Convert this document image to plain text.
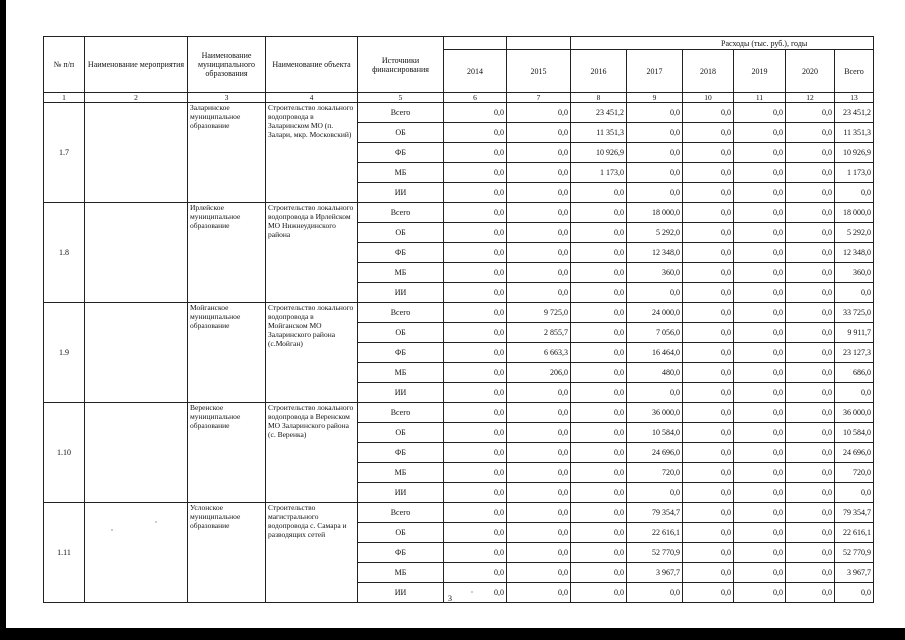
№ п/п	Наименование мероприятия	Наименование муниципального образования	Наименование объекта	Источники финансирования			Расходы (тыс. руб.), годы					
					2014	2015	2016	2017	2018	2019	2020	Всего
1	2	3	4	5	6	7	8	9	10	11	12	13
1.7		Заларинское муниципальное образование	Строительство локального водопровода в Заларинском МО (п. Залари, мкр. Московский)	Всего	0,0	0,0	23 451,2	0,0	0,0	0,0	0,0	23 451,2
				ОБ	0,0	0,0	11 351,3	0,0	0,0	0,0	0,0	11 351,3
				ФБ	0,0	0,0	10 926,9	0,0	0,0	0,0	0,0	10 926,9
				МБ	0,0	0,0	1 173,0	0,0	0,0	0,0	0,0	1 173,0
				ИИ	0,0	0,0	0,0	0,0	0,0	0,0	0,0	0,0
1.8		Ирлейское муниципальное образование	Строительство локального водопровода в Ирлейском МО Нижнеудинского района	Всего	0,0	0,0	0,0	18 000,0	0,0	0,0	0,0	18 000,0
				ОБ	0,0	0,0	0,0	5 292,0	0,0	0,0	0,0	5 292,0
				ФБ	0,0	0,0	0,0	12 348,0	0,0	0,0	0,0	12 348,0
				МБ	0,0	0,0	0,0	360,0	0,0	0,0	0,0	360,0
				ИИ	0,0	0,0	0,0	0,0	0,0	0,0	0,0	0,0
1.9		Мойганское муниципальное образование	Строительство локального водопровода в Мойганском МО Заларинского района (с.Мойган)	Всего	0,0	9 725,0	0,0	24 000,0	0,0	0,0	0,0	33 725,0
				ОБ	0,0	2 855,7	0,0	7 056,0	0,0	0,0	0,0	9 911,7
				ФБ	0,0	6 663,3	0,0	16 464,0	0,0	0,0	0,0	23 127,3
				МБ	0,0	206,0	0,0	480,0	0,0	0,0	0,0	686,0
				ИИ	0,0	0,0	0,0	0,0	0,0	0,0	0,0	0,0
1.10		Веренское муниципальное образование	Строительство локального водопровода в Веренском МО Заларинского района (с. Веренка)	Всего	0,0	0,0	0,0	36 000,0	0,0	0,0	0,0	36 000,0
				ОБ	0,0	0,0	0,0	10 584,0	0,0	0,0	0,0	10 584,0
				ФБ	0,0	0,0	0,0	24 696,0	0,0	0,0	0,0	24 696,0
				МБ	0,0	0,0	0,0	720,0	0,0	0,0	0,0	720,0
				ИИ	0,0	0,0	0,0	0,0	0,0	0,0	0,0	0,0
1.11		Услонское муниципальное образование	Строительство магистрального водопровода с. Самара и разводящих сетей	Всего	0,0	0,0	0,0	79 354,7	0,0	0,0	0,0	79 354,7
				ОБ	0,0	0,0	0,0	22 616,1	0,0	0,0	0,0	22 616,1
				ФБ	0,0	0,0	0,0	52 770,9	0,0	0,0	0,0	52 770,9
				МБ	0,0	0,0	0,0	3 967,7	0,0	0,0	0,0	3 967,7
				ИИ	0,0	0,0	0,0	0,0	0,0	0,0	0,0	0,0
3
